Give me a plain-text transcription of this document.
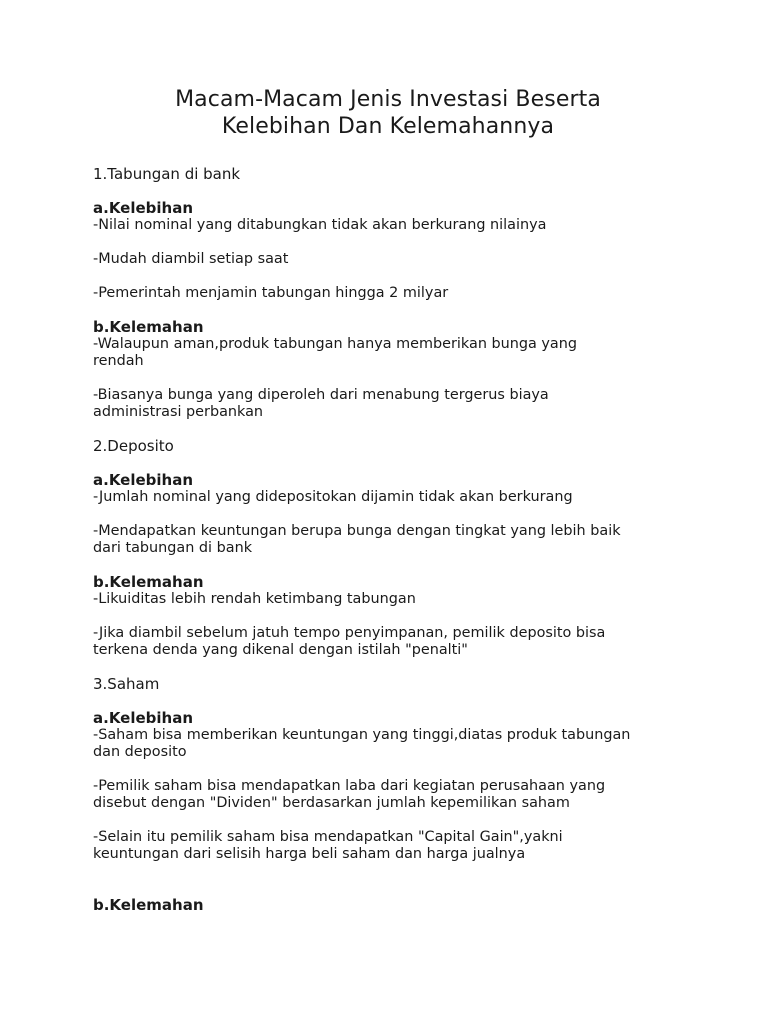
Macam-Macam Jenis Investasi Beserta
Kelebihan Dan Kelemahannya

1.Tabungan di bank

a.Kelebihan

-Nilai nominal yang ditabungkan tidak akan berkurang nilainya

-Mudah diambil setiap saat

-Pemerintah menjamin tabungan hingga 2 milyar

b.Kelemahan

-Walaupun aman,produk tabungan hanya memberikan bunga yang
rendah

-Biasanya bunga yang diperoleh dari menabung tergerus biaya
administrasi perbankan

2.Deposito

a.Kelebihan

-Jumlah nominal yang didepositokan dijamin tidak akan berkurang

-Mendapatkan keuntungan berupa bunga dengan tingkat yang lebih baik
dari tabungan di bank

b.Kelemahan

-Likuiditas lebih rendah ketimbang tabungan

-Jika diambil sebelum jatuh tempo penyimpanan, pemilik deposito bisa
terkena denda yang dikenal dengan istilah "penalti"

3.Saham

a.Kelebihan

-Saham bisa memberikan keuntungan yang tinggi,diatas produk tabungan
dan deposito

-Pemilik saham bisa mendapatkan laba dari kegiatan perusahaan yang
disebut dengan "Dividen" berdasarkan jumlah kepemilikan saham

-Selain itu pemilik saham bisa mendapatkan "Capital Gain",yakni
keuntungan dari selisih harga beli saham dan harga jualnya

b.Kelemahan
